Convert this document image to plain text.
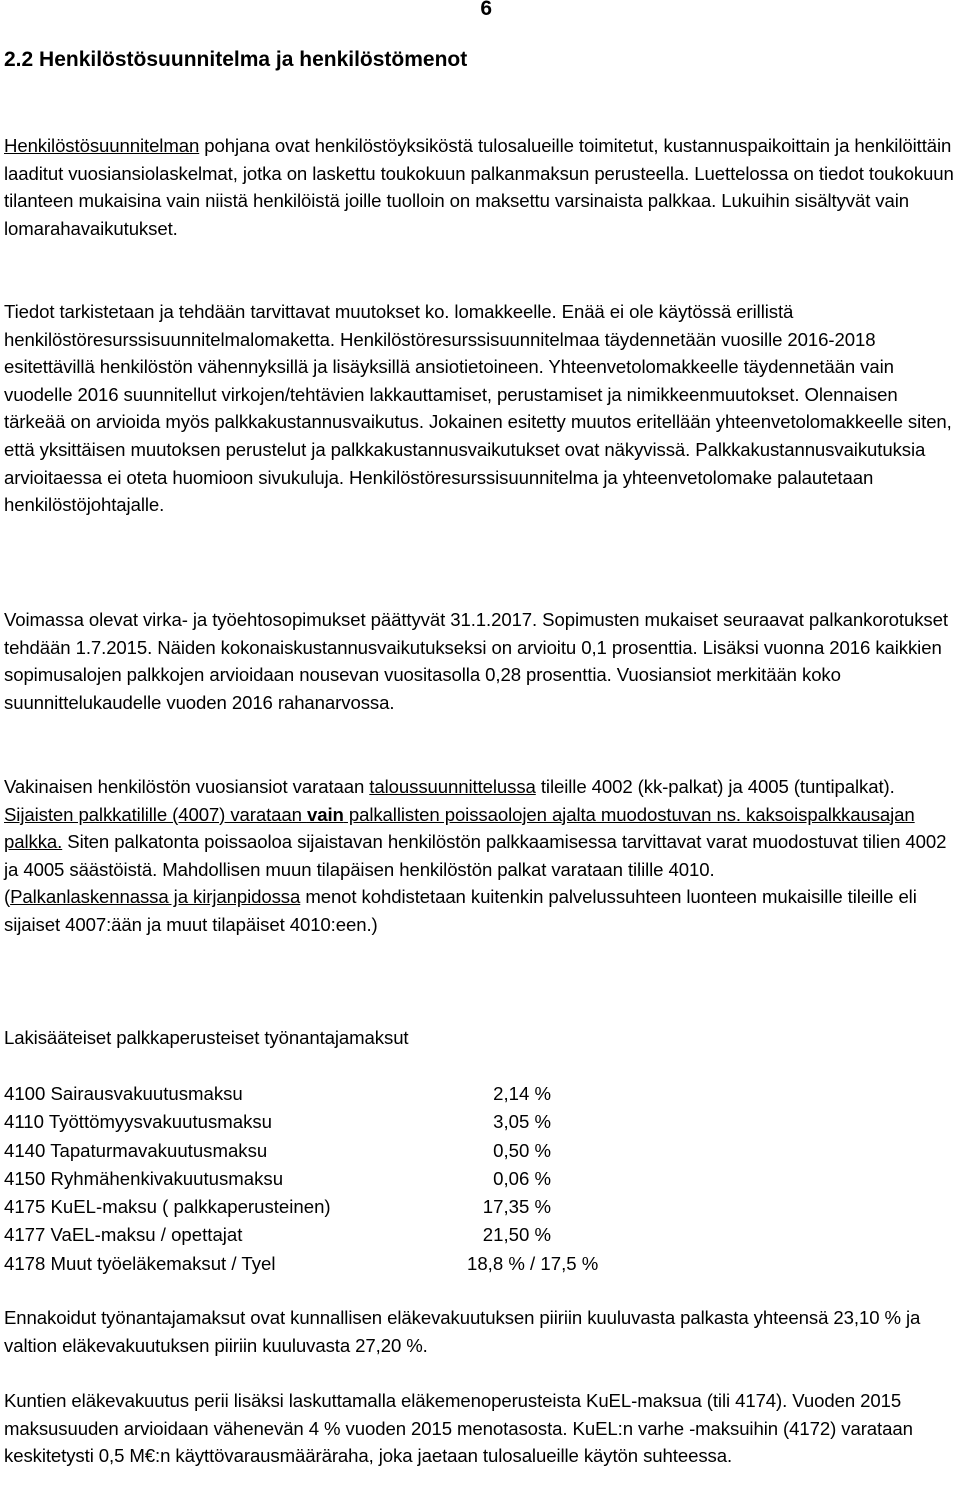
6
2.2 Henkilöstösuunnitelma ja henkilöstömenot

Henkilöstösuunnitelman pohjana ovat henkilöstöyksiköstä tulosalueille toimitetut, kustannuspaikoittain ja henkilöittäin laaditut vuosiansiolaskelmat, jotka on laskettu toukokuun palkanmaksun perusteella. Luettelossa on tiedot toukokuun tilanteen mukaisina vain niistä henkilöistä joille tuolloin on maksettu varsinaista palkkaa. Lukuihin sisältyvät vain lomarahavaikutukset.

Tiedot tarkistetaan ja tehdään tarvittavat muutokset ko. lomakkeelle. Enää ei ole käytössä erillistä henkilöstöresurssisuunnitelmalomaketta. Henkilöstöresurssisuunnitelmaa täydennetään vuosille 2016-2018 esitettävillä henkilöstön vähennyksillä ja lisäyksillä ansiotietoineen. Yhteenvetolomakkeelle täydennetään vain vuodelle 2016 suunnitellut virkojen/tehtävien lakkauttamiset, perustamiset ja nimikkeenmuutokset. Olennaisen tärkeää on arvioida myös palkkakustannusvaikutus. Jokainen esitetty muutos eritellään yhteenvetolomakkeelle siten, että yksittäisen muutoksen perustelut ja palkkakustannusvaikutukset ovat näkyvissä. Palkkakustannusvaikutuksia arvioitaessa ei oteta huomioon sivukuluja. Henkilöstöresurssisuunnitelma ja yhteenvetolomake palautetaan henkilöstöjohtajalle.

Voimassa olevat virka- ja työehtosopimukset päättyvät 31.1.2017. Sopimusten mukaiset seuraavat palkankorotukset tehdään 1.7.2015. Näiden kokonaiskustannusvaikutukseksi on arvioitu 0,1 prosenttia. Lisäksi vuonna 2016 kaikkien sopimusalojen palkkojen arvioidaan nousevan vuositasolla 0,28 prosenttia. Vuosiansiot merkitään koko suunnittelukaudelle vuoden 2016 rahanarvossa.

Vakinaisen henkilöstön vuosiansiot varataan taloussuunnittelussa tileille 4002 (kk-palkat) ja 4005 (tuntipalkat). Sijaisten palkkatilille (4007) varataan vain palkallisten poissaolojen ajalta muodostuvan ns. kaksoispalkkausajan palkka. Siten palkatonta poissaoloa sijaistavan henkilöstön palkkaamisessa tarvittavat varat muodostuvat tilien 4002 ja 4005 säästöistä. Mahdollisen muun tilapäisen henkilöstön palkat varataan tilille 4010.
(Palkanlaskennassa ja kirjanpidossa menot kohdistetaan kuitenkin palvelussuhteen luonteen mukaisille tileille eli sijaiset 4007:ään ja muut tilapäiset 4010:een.)

Lakisääteiset palkkaperusteiset työnantajamaksut

4100 Sairausvakuutusmaksu	2,14 %
4110 Työttömyysvakuutusmaksu	3,05 %
4140 Tapaturmavakuutusmaksu	0,50 %
4150 Ryhmähenkivakuutusmaksu	0,06 %
4175 KuEL-maksu ( palkkaperusteinen)	17,35 %
4177 VaEL-maksu / opettajat	21,50 %
4178 Muut työeläkemaksut / Tyel	18,8 % / 17,5 %

Ennakoidut työnantajamaksut ovat kunnallisen eläkevakuutuksen piiriin kuuluvasta palkasta yhteensä 23,10 % ja valtion eläkevakuutuksen piiriin kuuluvasta 27,20 %.

Kuntien eläkevakuutus perii lisäksi laskuttamalla eläkemenoperusteista KuEL-maksua (tili 4174). Vuoden 2015 maksusuuden arvioidaan vähenevän 4 % vuoden 2015 menotasosta. KuEL:n varhe -maksuihin (4172) varataan keskitetysti 0,5 M€:n käyttövarausmääräraha, joka jaetaan tulosalueille käytön suhteessa.
